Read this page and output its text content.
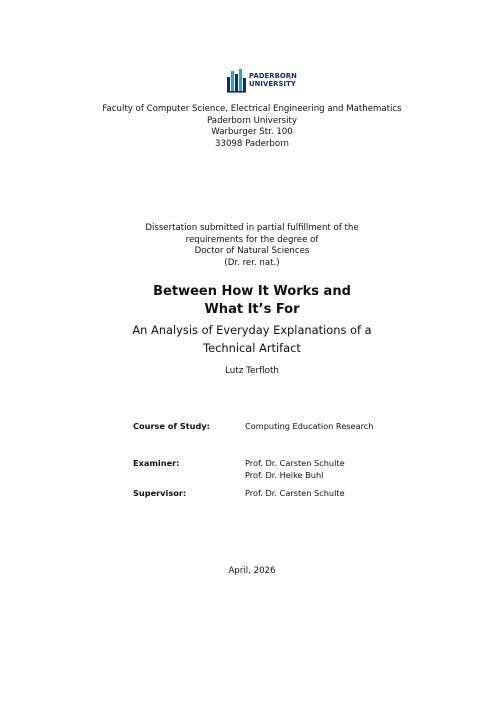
PADERBORN
UNIVERSITY
Faculty of Computer Science, Electrical Engineering and Mathematics
Paderborn University
Warburger Str. 100
33098 Paderborn
Dissertation submitted in partial fulfillment of the
requirements for the degree of
Doctor of Natural Sciences
(Dr. rer. nat.)
Between How It Works and
What It’s For
An Analysis of Everyday Explanations of a
Technical Artifact
Lutz Terfloth
Course of Study:	Computing Education Research
Examiner:	Prof. Dr. Carsten Schulte
Prof. Dr. Heike Buhl
Supervisor:	Prof. Dr. Carsten Schulte
April, 2026
